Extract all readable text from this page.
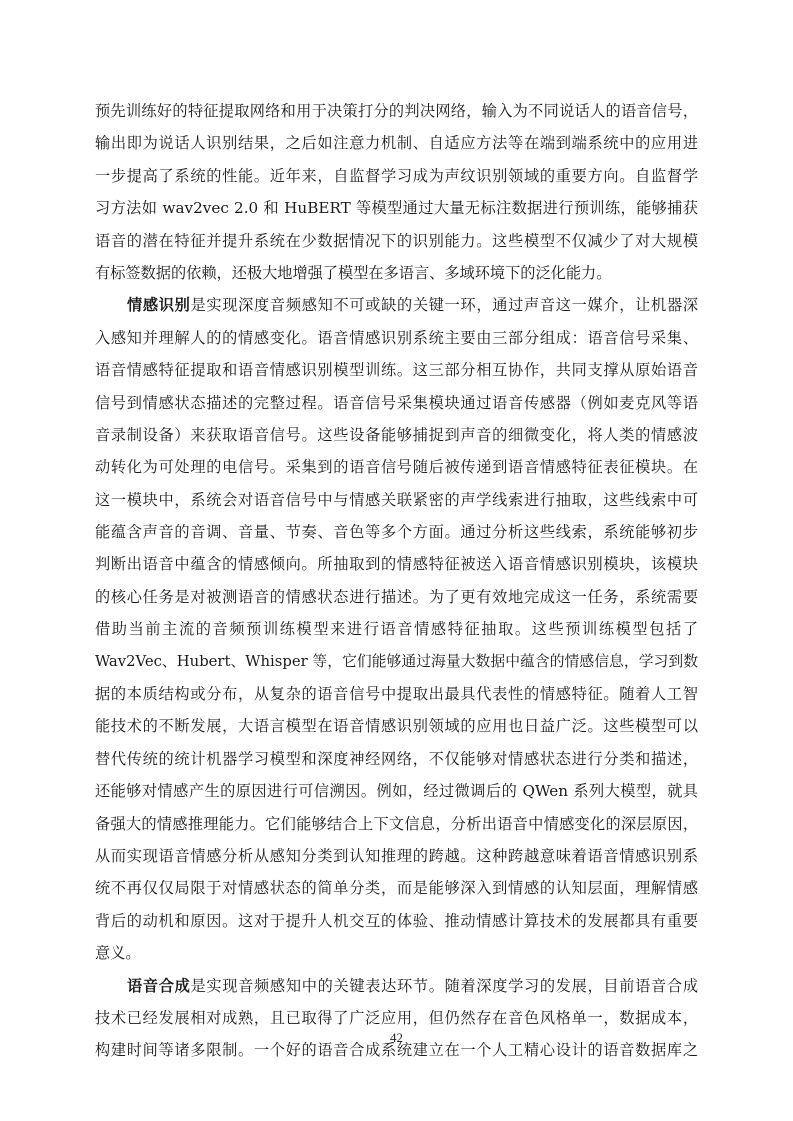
预先训练好的特征提取网络和用于决策打分的判决网络，输入为不同说话人的语音信号，
输出即为说话人识别结果，之后如注意力机制、自适应方法等在端到端系统中的应用进
一步提高了系统的性能。近年来，自监督学习成为声纹识别领域的重要方向。自监督学
习方法如 wav2vec 2.0 和 HuBERT 等模型通过大量无标注数据进行预训练，能够捕获
语音的潜在特征并提升系统在少数据情况下的识别能力。这些模型不仅减少了对大规模
有标签数据的依赖，还极大地增强了模型在多语言、多域环境下的泛化能力。
情感识别是实现深度音频感知不可或缺的关键一环，通过声音这一媒介，让机器深
入感知并理解人的的情感变化。语音情感识别系统主要由三部分组成：语音信号采集、
语音情感特征提取和语音情感识别模型训练。这三部分相互协作，共同支撑从原始语音
信号到情感状态描述的完整过程。语音信号采集模块通过语音传感器（例如麦克风等语
音录制设备）来获取语音信号。这些设备能够捕捉到声音的细微变化，将人类的情感波
动转化为可处理的电信号。采集到的语音信号随后被传递到语音情感特征表征模块。在
这一模块中，系统会对语音信号中与情感关联紧密的声学线索进行抽取，这些线索中可
能蕴含声音的音调、音量、节奏、音色等多个方面。通过分析这些线索，系统能够初步
判断出语音中蕴含的情感倾向。所抽取到的情感特征被送入语音情感识别模块，该模块
的核心任务是对被测语音的情感状态进行描述。为了更有效地完成这一任务，系统需要
借助当前主流的音频预训练模型来进行语音情感特征抽取。这些预训练模型包括了
Wav2Vec、Hubert、Whisper 等，它们能够通过海量大数据中蕴含的情感信息，学习到数
据的本质结构或分布，从复杂的语音信号中提取出最具代表性的情感特征。随着人工智
能技术的不断发展，大语言模型在语音情感识别领域的应用也日益广泛。这些模型可以
替代传统的统计机器学习模型和深度神经网络，不仅能够对情感状态进行分类和描述，
还能够对情感产生的原因进行可信溯因。例如，经过微调后的 QWen 系列大模型，就具
备强大的情感推理能力。它们能够结合上下文信息，分析出语音中情感变化的深层原因，
从而实现语音情感分析从感知分类到认知推理的跨越。这种跨越意味着语音情感识别系
统不再仅仅局限于对情感状态的简单分类，而是能够深入到情感的认知层面，理解情感
背后的动机和原因。这对于提升人机交互的体验、推动情感计算技术的发展都具有重要
意义。
语音合成是实现音频感知中的关键表达环节。随着深度学习的发展，目前语音合成
技术已经发展相对成熟，且已取得了广泛应用，但仍然存在音色风格单一，数据成本，
构建时间等诸多限制。一个好的语音合成系统建立在一个人工精心设计的语音数据库之
42
